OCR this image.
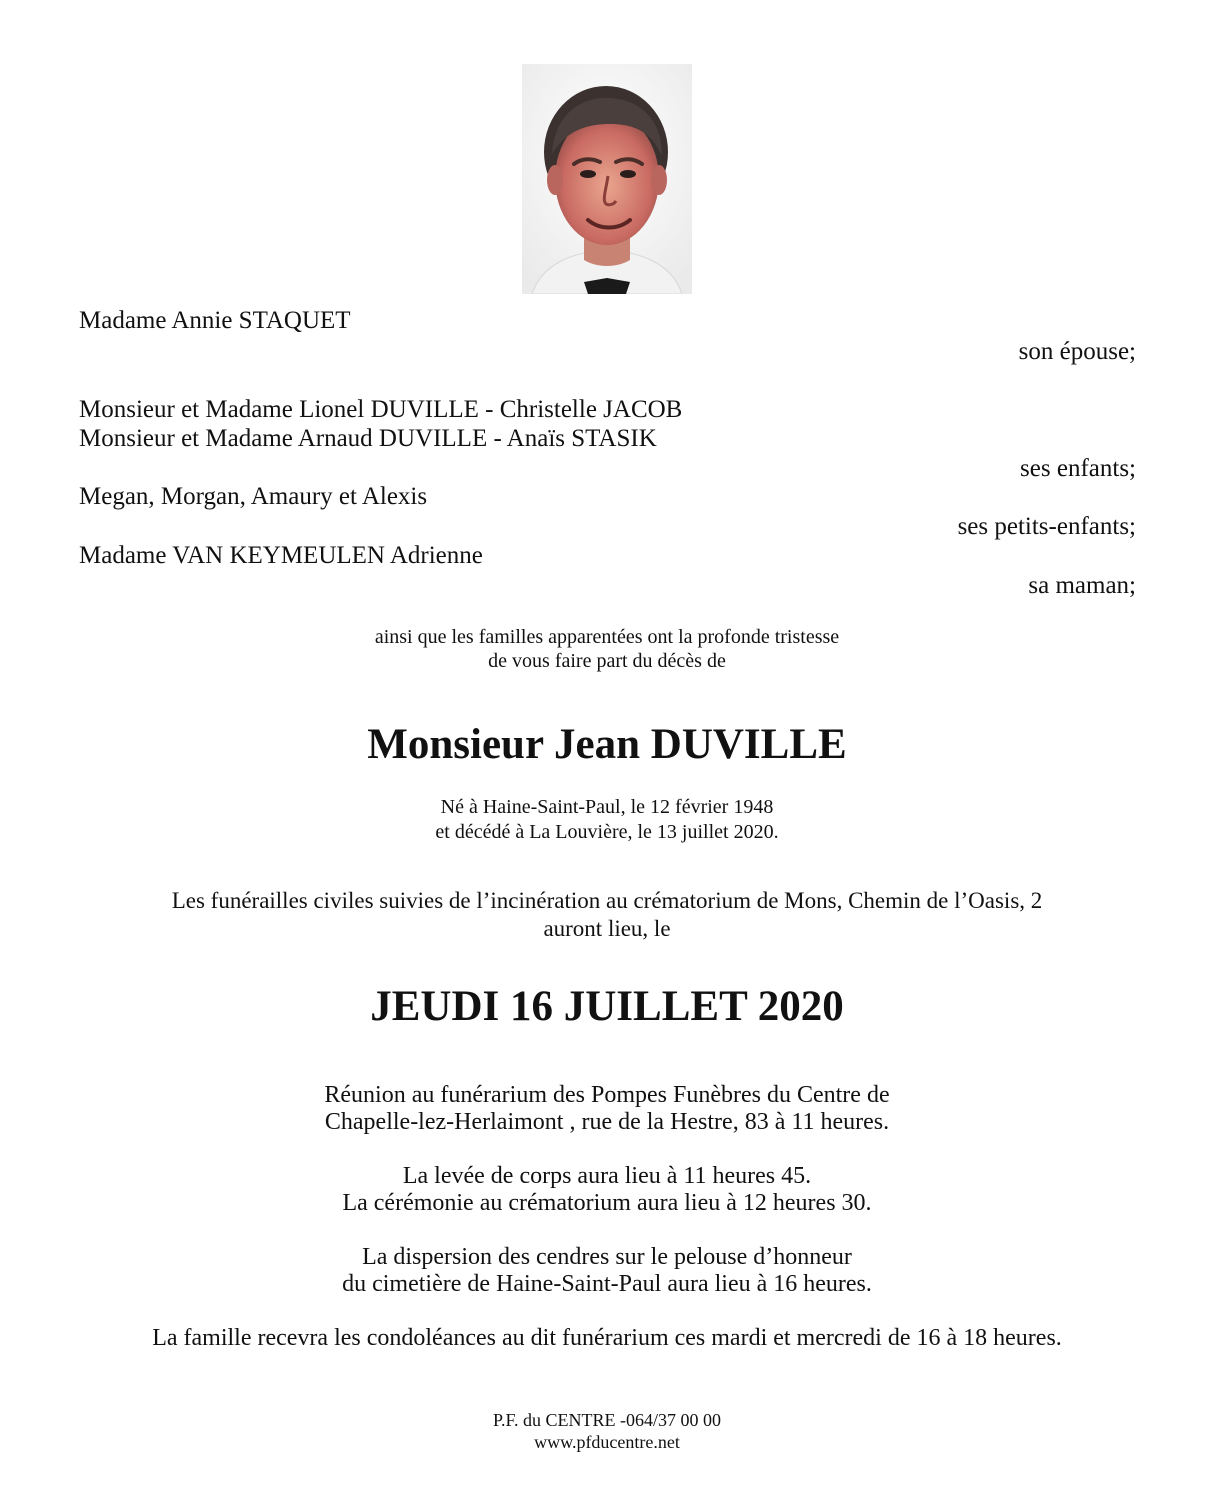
Madame Annie STAQUET
son épouse;
Monsieur et Madame Lionel DUVILLE - Christelle JACOB
Monsieur et Madame Arnaud DUVILLE - Anaïs STASIK
ses enfants;
Megan, Morgan, Amaury et Alexis
ses petits-enfants;
Madame VAN KEYMEULEN Adrienne
sa maman;
ainsi que les familles apparentées ont la profonde tristesse
de vous faire part du décès de
Monsieur Jean DUVILLE
Né à Haine-Saint-Paul, le 12 février 1948
et décédé à La Louvière, le 13 juillet 2020.
Les funérailles civiles suivies de l’incinération au crématorium de Mons, Chemin de l’Oasis, 2
auront lieu, le
JEUDI 16 JUILLET 2020
Réunion au funérarium des Pompes Funèbres du Centre de
Chapelle-lez-Herlaimont , rue de la Hestre, 83 à 11 heures.
La levée de corps aura lieu à 11 heures 45.
La cérémonie au crématorium aura lieu à 12 heures 30.
La dispersion des cendres sur le pelouse d’honneur
du cimetière de Haine-Saint-Paul aura lieu à 16 heures.
La famille recevra les condoléances au dit funérarium ces mardi et mercredi de 16 à 18 heures.
P.F. du CENTRE -064/37 00 00
www.pfducentre.net
